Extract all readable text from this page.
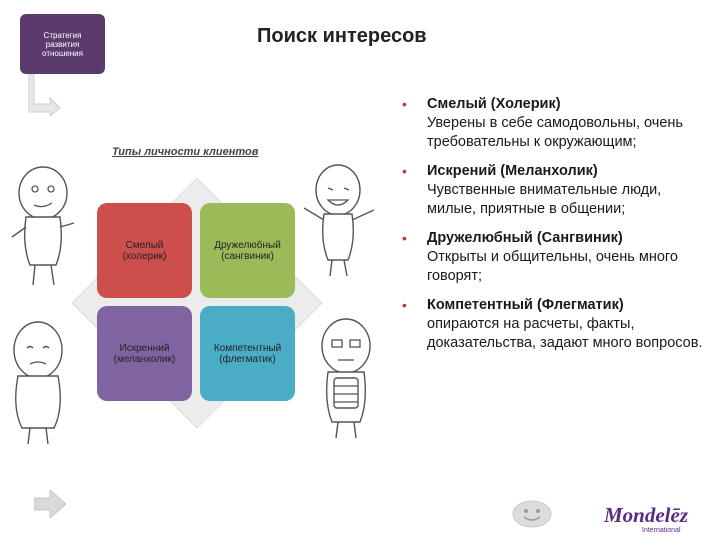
Стратегия
развития
отношения
Поиск интересов
Типы личности клиентов
Смелый
(холерик)
Дружелюбный
(сангвиник)
Искренний
(меланхолик)
Компетентный
(флегматик)
• Смелый (Холерик)
Уверены в себе самодовольны, очень требовательны к окружающим;
• Искрений (Меланхолик)
Чувственные внимательные люди, милые, приятные в общении;
• Дружелюбный (Сангвиник)
Открыты и общительны, очень много говорят;
• Компетентный (Флегматик)
опираются на расчеты, факты, доказательства, задают много вопросов.
Mondelēz
International
